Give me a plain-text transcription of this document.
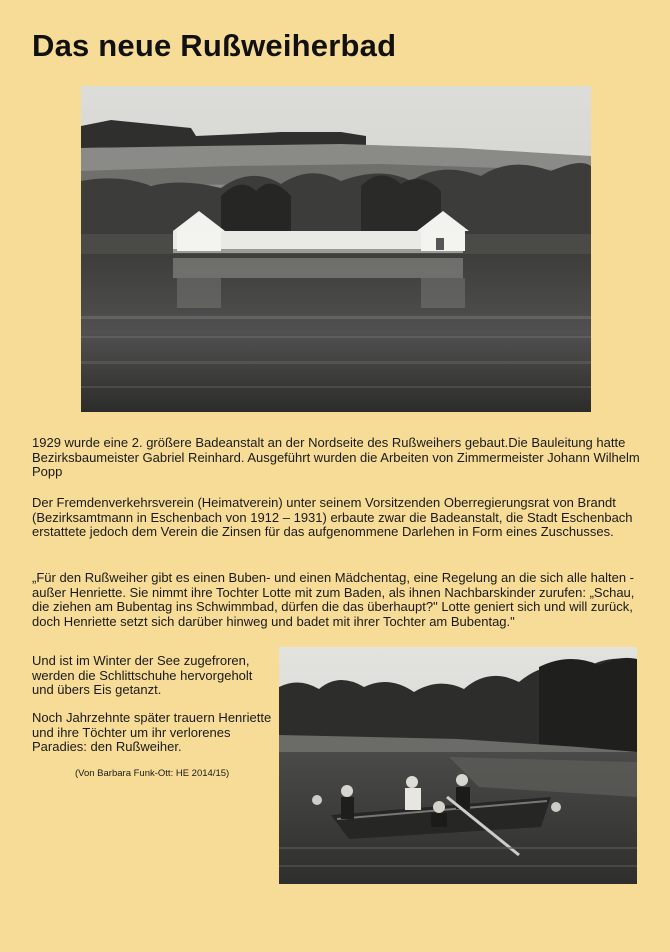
Das neue Rußweiherbad
1929 wurde eine 2. größere Badeanstalt an der Nordseite des Rußweihers gebaut.Die Bauleitung hatte Bezirksbaumeister Gabriel Reinhard. Ausgeführt wurden die Arbeiten von Zimmermeister Johann Wilhelm Popp
Der Fremdenverkehrsverein (Heimatverein) unter seinem Vorsitzenden Oberregierungsrat von Brandt (Bezirksamtmann in Eschenbach von 1912 – 1931) erbaute zwar die Badeanstalt, die Stadt Eschenbach erstattete jedoch dem Verein die Zinsen für das aufgenommene Darlehen in Form eines Zuschusses.
„Für den Rußweiher gibt es einen Buben- und einen Mädchentag, eine Regelung an die sich alle halten - außer Henriette. Sie nimmt ihre Tochter Lotte mit zum Baden, als ihnen Nachbarskinder zurufen: „Schau, die ziehen am Bubentag ins Schwimmbad, dürfen die das überhaupt?" Lotte geniert sich und will zurück, doch Henriette setzt sich darüber hinweg und badet mit ihrer Tochter am Bubentag."
Und ist im Winter der See zugefroren, werden die Schlittschuhe hervorgeholt und übers Eis getanzt.
Noch Jahrzehnte später trauern Henriette und ihre Töchter um ihr verlorenes Paradies: den Rußweiher.
(Von Barbara Funk-Ott: HE 2014/15)
